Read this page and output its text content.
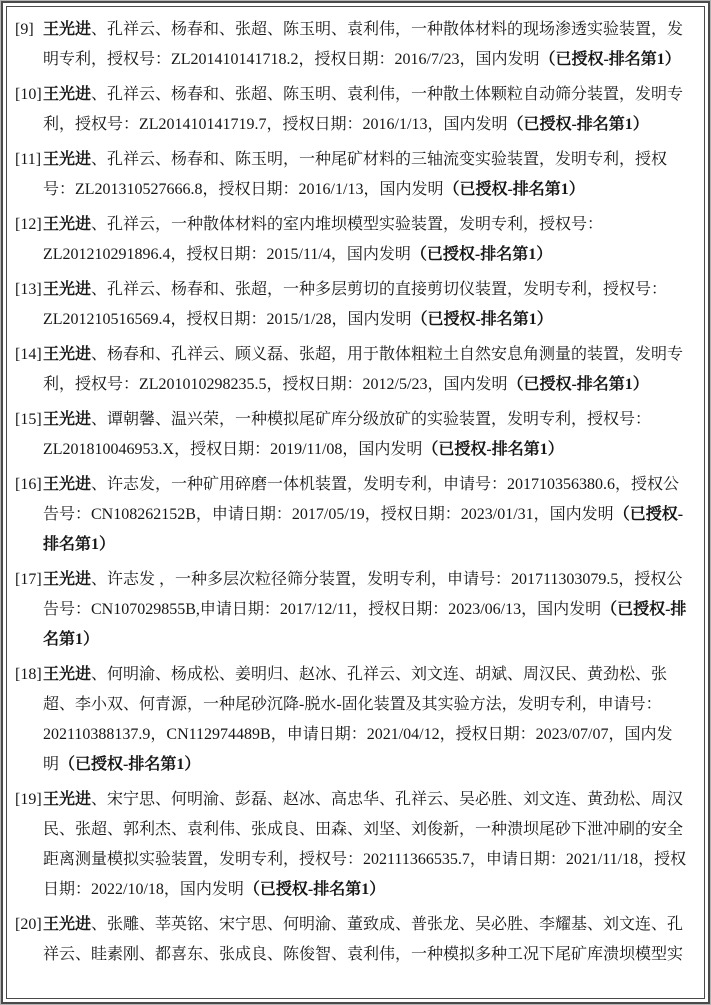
[9] 王光进、孔祥云、杨春和、张超、陈玉明、袁利伟，一种散体材料的现场渗透实验装置，发明专利，授权号：ZL201410141718.2，授权日期：2016/7/23，国内发明（已授权-排名第1）

[10]王光进、孔祥云、杨春和、张超、陈玉明、袁利伟，一种散土体颗粒自动筛分装置，发明专利，授权号：ZL201410141719.7，授权日期：2016/1/13，国内发明（已授权-排名第1）

[11] 王光进、孔祥云、杨春和、陈玉明，一种尾矿材料的三轴流变实验装置，发明专利，授权号：ZL201310527666.8，授权日期：2016/1/13，国内发明（已授权-排名第1）

[12]王光进、孔祥云，一种散体材料的室内堆坝模型实验装置，发明专利，授权号：ZL201210291896.4，授权日期：2015/11/4，国内发明（已授权-排名第1）

[13]王光进、孔祥云、杨春和、张超，一种多层剪切的直接剪切仪装置，发明专利，授权号：ZL201210516569.4，授权日期：2015/1/28，国内发明（已授权-排名第1）

[14]王光进、杨春和、孔祥云、顾义磊、张超，用于散体粗粒土自然安息角测量的装置，发明专利，授权号：ZL201010298235.5，授权日期：2012/5/23，国内发明（已授权-排名第1）

[15]王光进、谭朝馨、温兴荣，一种模拟尾矿库分级放矿的实验装置，发明专利，授权号：ZL201810046953.X，授权日期：2019/11/08，国内发明（已授权-排名第1）

[16]王光进、许志发，一种矿用碎磨一体机装置，发明专利，申请号：201710356380.6，授权公告号：CN108262152B，申请日期：2017/05/19，授权日期：2023/01/31，国内发明（已授权-排名第1）

[17]王光进、许志发 ，一种多层次粒径筛分装置，发明专利，申请号：201711303079.5，授权公告号：CN107029855B,申请日期：2017/12/11，授权日期：2023/06/13，国内发明（已授权-排名第1）

[18]王光进、何明渝、杨成松、姜明归、赵冰、孔祥云、刘文连、胡斌、周汉民、黄劲松、张超、李小双、何青源，一种尾砂沉降-脱水-固化装置及其实验方法，发明专利，申请号：202110388137.9，CN112974489B，申请日期：2021/04/12，授权日期：2023/07/07，国内发明（已授权-排名第1）

[19]王光进、宋宁思、何明渝、彭磊、赵冰、高忠华、孔祥云、吴必胜、刘文连、黄劲松、周汉民、张超、郭利杰、袁利伟、张成良、田森、刘坚、刘俊新，一种溃坝尾砂下泄冲刷的安全距离测量模拟实验装置，发明专利，授权号：202111366535.7，申请日期：2021/11/18，授权日期：2022/10/18，国内发明（已授权-排名第1）

[20]王光进、张雕、莘英铭、宋宁思、何明渝、董致成、普张龙、吴必胜、李耀基、刘文连、孔祥云、眭素刚、都喜东、张成良、陈俊智、袁利伟，一种模拟多种工况下尾矿库溃坝模型实
